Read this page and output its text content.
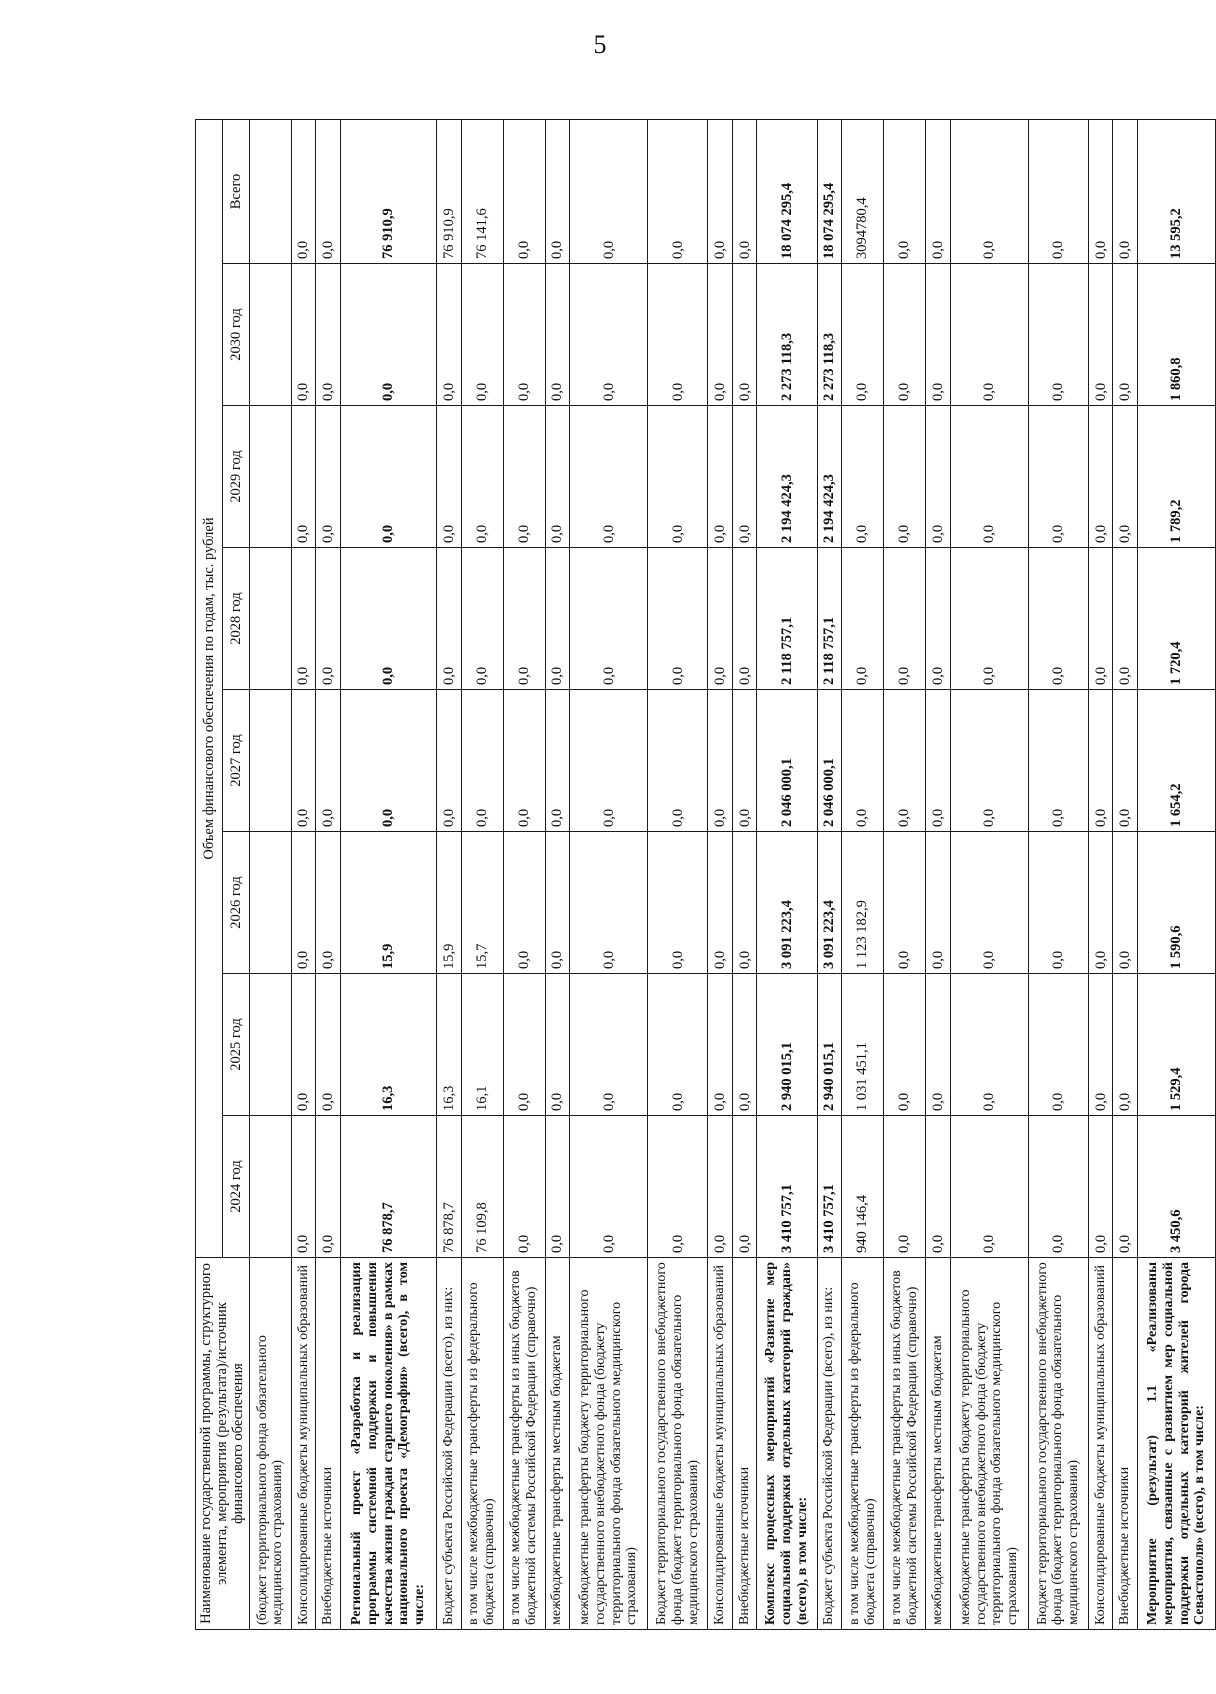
5
Наименование государственной программы, структурного элемента, мероприятия (результата)/источник финансового обеспечения	Объем финансового обеспечения по годам, тыс. рублей							
	2024 год	2025 год	2026 год	2027 год	2028 год	2029 год	2030 год	Всего
(бюджет территориального фонда обязательного медицинского страхования)								
Консолидированные бюджеты муниципальных образований	0,0	0,0	0,0	0,0	0,0	0,0	0,0	0,0
Внебюджетные источники	0,0	0,0	0,0	0,0	0,0	0,0	0,0	0,0
Региональный проект «Разработка и реализация программы системной поддержки и повышения качества жизни граждан старшего поколения» в рамках национального проекта «Демография» (всего), в том числе:	76 878,7	16,3	15,9	0,0	0,0	0,0	0,0	76 910,9
Бюджет субъекта Российской Федерации (всего), из них:	76 878,7	16,3	15,9	0,0	0,0	0,0	0,0	76 910,9
в том числе межбюджетные трансферты из федерального бюджета (справочно)	76 109,8	16,1	15,7	0,0	0,0	0,0	0,0	76 141,6
в том числе межбюджетные трансферты из иных бюджетов бюджетной системы Российской Федерации (справочно)	0,0	0,0	0,0	0,0	0,0	0,0	0,0	0,0
межбюджетные трансферты местным бюджетам	0,0	0,0	0,0	0,0	0,0	0,0	0,0	0,0
межбюджетные трансферты бюджету территориального государственного внебюджетного фонда (бюджету территориального фонда обязательного медицинского страхования)	0,0	0,0	0,0	0,0	0,0	0,0	0,0	0,0
Бюджет территориального государственного внебюджетного фонда (бюджет территориального фонда обязательного медицинского страхования)	0,0	0,0	0,0	0,0	0,0	0,0	0,0	0,0
Консолидированные бюджеты муниципальных образований	0,0	0,0	0,0	0,0	0,0	0,0	0,0	0,0
Внебюджетные источники	0,0	0,0	0,0	0,0	0,0	0,0	0,0	0,0
Комплекс процессных мероприятий «Развитие мер социальной поддержки отдельных категорий граждан» (всего), в том числе:	3 410 757,1	2 940 015,1	3 091 223,4	2 046 000,1	2 118 757,1	2 194 424,3	2 273 118,3	18 074 295,4
Бюджет субъекта Российской Федерации (всего), из них:	3 410 757,1	2 940 015,1	3 091 223,4	2 046 000,1	2 118 757,1	2 194 424,3	2 273 118,3	18 074 295,4
в том числе межбюджетные трансферты из федерального бюджета (справочно)	940 146,4	1 031 451,1	1 123 182,9	0,0	0,0	0,0	0,0	3094780,4
в том числе межбюджетные трансферты из иных бюджетов бюджетной системы Российской Федерации (справочно)	0,0	0,0	0,0	0,0	0,0	0,0	0,0	0,0
межбюджетные трансферты местным бюджетам	0,0	0,0	0,0	0,0	0,0	0,0	0,0	0,0
межбюджетные трансферты бюджету территориального государственного внебюджетного фонда (бюджету территориального фонда обязательного медицинского страхования)	0,0	0,0	0,0	0,0	0,0	0,0	0,0	0,0
Бюджет территориального государственного внебюджетного фонда (бюджет территориального фонда обязательного медицинского страхования)	0,0	0,0	0,0	0,0	0,0	0,0	0,0	0,0
Консолидированные бюджеты муниципальных образований	0,0	0,0	0,0	0,0	0,0	0,0	0,0	0,0
Внебюджетные источники	0,0	0,0	0,0	0,0	0,0	0,0	0,0	0,0
Мероприятие (результат) 1.1 «Реализованы мероприятия, связанные с развитием мер социальной поддержки отдельных категорий жителей города Севастополя» (всего), в том числе:	3 450,6	1 529,4	1 590,6	1 654,2	1 720,4	1 789,2	1 860,8	13 595,2
